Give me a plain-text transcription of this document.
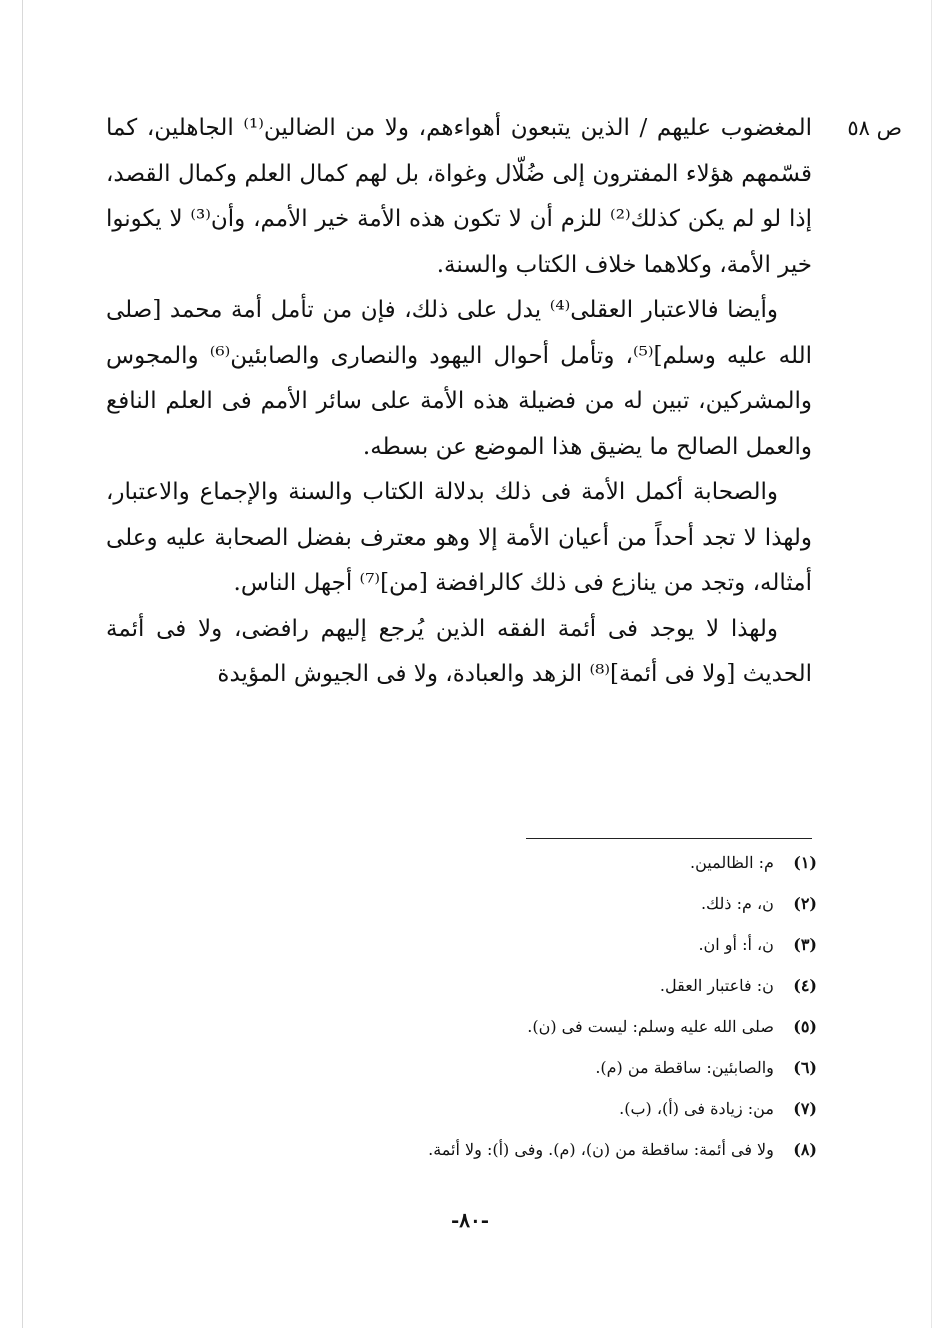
ص ٥٨

المغضوب عليهم / الذين يتبعون أهواءهم، ولا من الضالين⁽¹⁾ الجاهلين، كما قسّمهم هؤلاء المفترون إلى ضُلّال وغواة، بل لهم كمال العلم وكمال القصد، إذا لو لم يكن كذلك⁽²⁾ للزم أن لا تكون هذه الأمة خير الأمم، وأن⁽³⁾ لا يكونوا خير الأمة، وكلاهما خلاف الكتاب والسنة.

وأيضا فالاعتبار العقلى⁽⁴⁾ يدل على ذلك، فإن من تأمل أمة محمد [صلى الله عليه وسلم]⁽⁵⁾، وتأمل أحوال اليهود والنصارى والصابئين⁽⁶⁾ والمجوس والمشركين، تبين له من فضيلة هذه الأمة على سائر الأمم فى العلم النافع والعمل الصالح ما يضيق هذا الموضع عن بسطه.

والصحابة أكمل الأمة فى ذلك بدلالة الكتاب والسنة والإجماع والاعتبار، ولهذا لا تجد أحداً من أعيان الأمة إلا وهو معترف بفضل الصحابة عليه وعلى أمثاله، وتجد من ينازع فى ذلك كالرافضة [من]⁽⁷⁾ أجهل الناس.

ولهذا لا يوجد فى أئمة الفقه الذين يُرجع إليهم رافضى، ولا فى أئمة الحديث [ولا فى أئمة]⁽⁸⁾ الزهد والعبادة، ولا فى الجيوش المؤيدة

(١) م: الظالمين.
(٢) ن، م: ذلك.
(٣) ن، أ: أو ان.
(٤) ن: فاعتبار العقل.
(٥) صلى الله عليه وسلم: ليست فى (ن).
(٦) والصابئين: ساقطة من (م).
(٧) من: زيادة فى (أ)، (ب).
(٨) ولا فى أئمة: ساقطة من (ن)، (م). وفى (أ): ولا أئمة.
-٨٠-
